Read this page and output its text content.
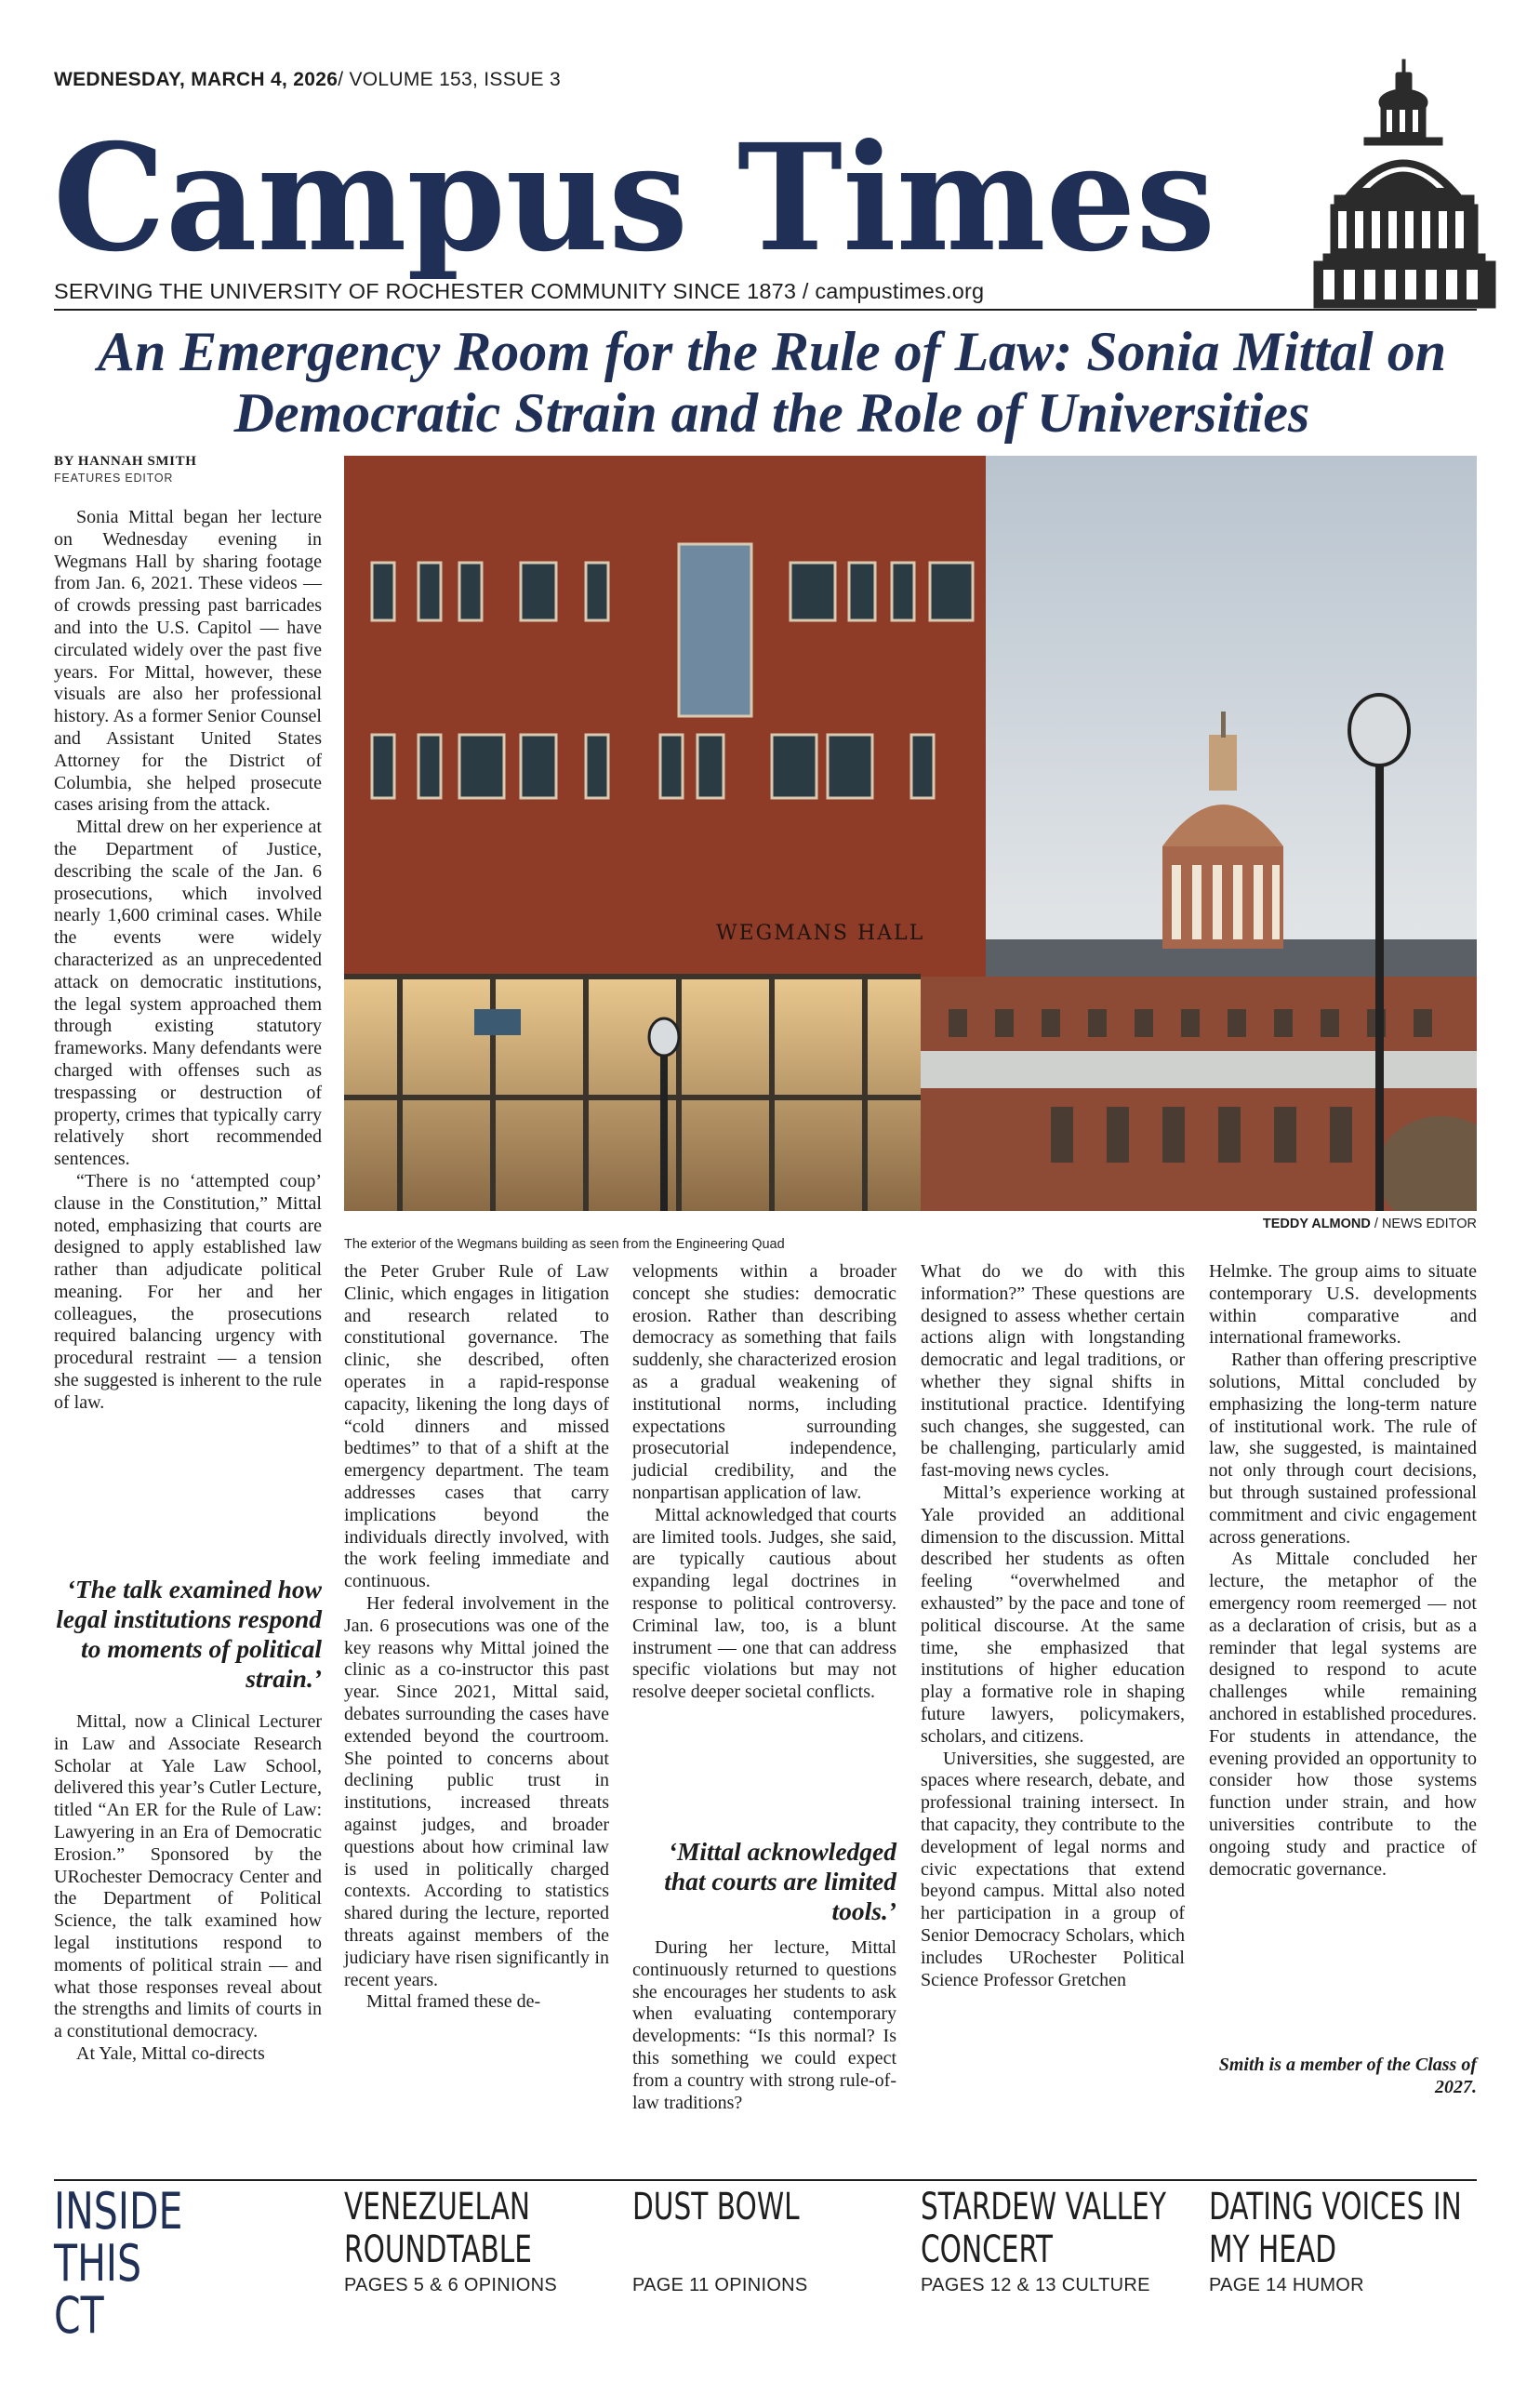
WEDNESDAY, MARCH 4, 2026/ VOLUME 153, ISSUE 3
Campus Times
SERVING THE UNIVERSITY OF ROCHESTER COMMUNITY SINCE 1873 / campustimes.org
An Emergency Room for the Rule of Law: Sonia Mittal on Democratic Strain and the Role of Universities
BY HANNAH SMITH
FEATURES EDITOR

Sonia Mittal began her lecture on Wednesday evening in Wegmans Hall by sharing footage from Jan. 6, 2021. These videos — of crowds pressing past barricades and into the U.S. Capitol — have circulated widely over the past five years. For Mittal, however, these visuals are also her professional history. As a former Senior Counsel and Assistant United States Attorney for the District of Columbia, she helped prosecute cases arising from the attack.

Mittal drew on her experience at the Department of Justice, describing the scale of the Jan. 6 prosecutions, which involved nearly 1,600 criminal cases. While the events were widely characterized as an unprecedented attack on democratic institutions, the legal system approached them through existing statutory frameworks. Many defendants were charged with offenses such as trespassing or destruction of property, crimes that typically carry relatively short recommended sentences.

“There is no ‘attempted coup’ clause in the Constitution,” Mittal noted, emphasizing that courts are designed to apply established law rather than adjudicate political meaning. For her and her colleagues, the prosecutions required balancing urgency with procedural restraint — a tension she suggested is inherent to the rule of law.

‘The talk examined how legal institutions respond to moments of political strain.’

Mittal, now a Clinical Lecturer in Law and Associate Research Scholar at Yale Law School, delivered this year’s Cutler Lecture, titled “An ER for the Rule of Law: Lawyering in an Era of Democratic Erosion.” Sponsored by the URochester Democracy Center and the Department of Political Science, the talk examined how legal institutions respond to moments of political strain — and what those responses reveal about the strengths and limits of courts in a constitutional democracy.

At Yale, Mittal co-directs

WEGMANS HALL
TEDDY ALMOND / NEWS EDITOR
The exterior of the Wegmans building as seen from the Engineering Quad

the Peter Gruber Rule of Law Clinic, which engages in litigation and research related to constitutional governance. The clinic, she described, often operates in a rapid-response capacity, likening the long days of “cold dinners and missed bedtimes” to that of a shift at the emergency department. The team addresses cases that carry implications beyond the individuals directly involved, with the work feeling immediate and continuous.

Her federal involvement in the Jan. 6 prosecutions was one of the key reasons why Mittal joined the clinic as a co-instructor this past year. Since 2021, Mittal said, debates surrounding the cases have extended beyond the courtroom. She pointed to concerns about declining public trust in institutions, increased threats against judges, and broader questions about how criminal law is used in politically charged contexts. According to statistics shared during the lecture, reported threats against members of the judiciary have risen significantly in recent years.

Mittal framed these de-

velopments within a broader concept she studies: democratic erosion. Rather than describing democracy as something that fails suddenly, she characterized erosion as a gradual weakening of institutional norms, including expectations surrounding prosecutorial independence, judicial credibility, and the nonpartisan application of law.

Mittal acknowledged that courts are limited tools. Judges, she said, are typically cautious about expanding legal doctrines in response to political controversy. Criminal law, too, is a blunt instrument — one that can address specific violations but may not resolve deeper societal conflicts.

‘Mittal acknowledged that courts are limited tools.’

During her lecture, Mittal continuously returned to questions she encourages her students to ask when evaluating contemporary developments: “Is this normal? Is this something we could expect from a country with strong rule-of-law traditions?

What do we do with this information?” These questions are designed to assess whether certain actions align with longstanding democratic and legal traditions, or whether they signal shifts in institutional practice. Identifying such changes, she suggested, can be challenging, particularly amid fast-moving news cycles.

Mittal’s experience working at Yale provided an additional dimension to the discussion. Mittal described her students as often feeling “overwhelmed and exhausted” by the pace and tone of political discourse. At the same time, she emphasized that institutions of higher education play a formative role in shaping future lawyers, policymakers, scholars, and citizens.

Universities, she suggested, are spaces where research, debate, and professional training intersect. In that capacity, they contribute to the development of legal norms and civic expectations that extend beyond campus. Mittal also noted her participation in a group of Senior Democracy Scholars, which includes URochester Political Science Professor Gretchen

Helmke. The group aims to situate contemporary U.S. developments within comparative and international frameworks.

Rather than offering prescriptive solutions, Mittal concluded by emphasizing the long-term nature of institutional work. The rule of law, she suggested, is maintained not only through court decisions, but through sustained professional commitment and civic engagement across generations.

As Mittale concluded her lecture, the metaphor of the emergency room reemerged — not as a declaration of crisis, but as a reminder that legal systems are designed to respond to acute challenges while remaining anchored in established procedures. For students in attendance, the evening provided an opportunity to consider how those systems function under strain, and how universities contribute to the ongoing study and practice of democratic governance.

Smith is a member of the Class of 2027.
INSIDE
THIS CT
VENEZUELAN
ROUNDTABLE
PAGES 5 & 6 OPINIONS
DUST BOWL
PAGE 11 OPINIONS
STARDEW VALLEY
CONCERT
PAGES 12 & 13 CULTURE
DATING VOICES IN
MY HEAD
PAGE 14 HUMOR
